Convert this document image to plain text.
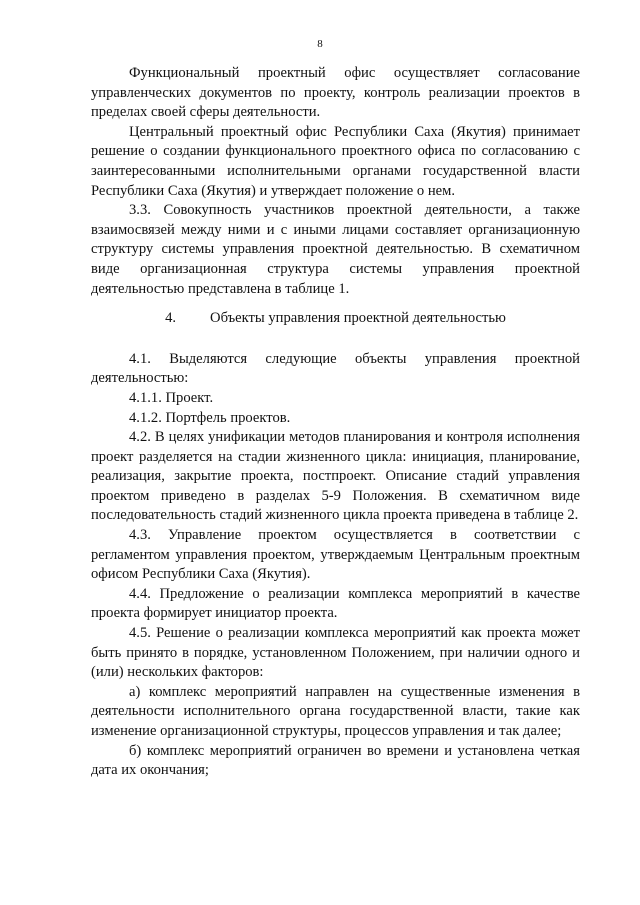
8

Функциональный проектный офис осуществляет согласование управленческих документов по проекту, контроль реализации проектов в пределах своей сферы деятельности.

Центральный проектный офис Республики Саха (Якутия) принимает решение о создании функционального проектного офиса по согласованию с заинтересованными исполнительными органами государственной власти Республики Саха (Якутия) и утверждает положение о нем.

3.3. Совокупность участников проектной деятельности, а также взаимосвязей между ними и с иными лицами составляет организационную структуру системы управления проектной деятельностью. В схематичном виде организационная структура системы управления проектной деятельностью представлена в таблице 1.

4. Объекты управления проектной деятельностью

4.1. Выделяются следующие объекты управления проектной деятельностью:

4.1.1. Проект.

4.1.2. Портфель проектов.

4.2. В целях унификации методов планирования и контроля исполнения проект разделяется на стадии жизненного цикла: инициация, планирование, реализация, закрытие проекта, постпроект. Описание стадий управления проектом приведено в разделах 5-9 Положения. В схематичном виде последовательность стадий жизненного цикла проекта приведена в таблице 2.

4.3. Управление проектом осуществляется в соответствии с регламентом управления проектом, утверждаемым Центральным проектным офисом Республики Саха (Якутия).

4.4. Предложение о реализации комплекса мероприятий в качестве проекта формирует инициатор проекта.

4.5. Решение о реализации комплекса мероприятий как проекта может быть принято в порядке, установленном Положением, при наличии одного и (или) нескольких факторов:

а) комплекс мероприятий направлен на существенные изменения в деятельности исполнительного органа государственной власти, такие как изменение организационной структуры, процессов управления и так далее;

б) комплекс мероприятий ограничен во времени и установлена четкая дата их окончания;
